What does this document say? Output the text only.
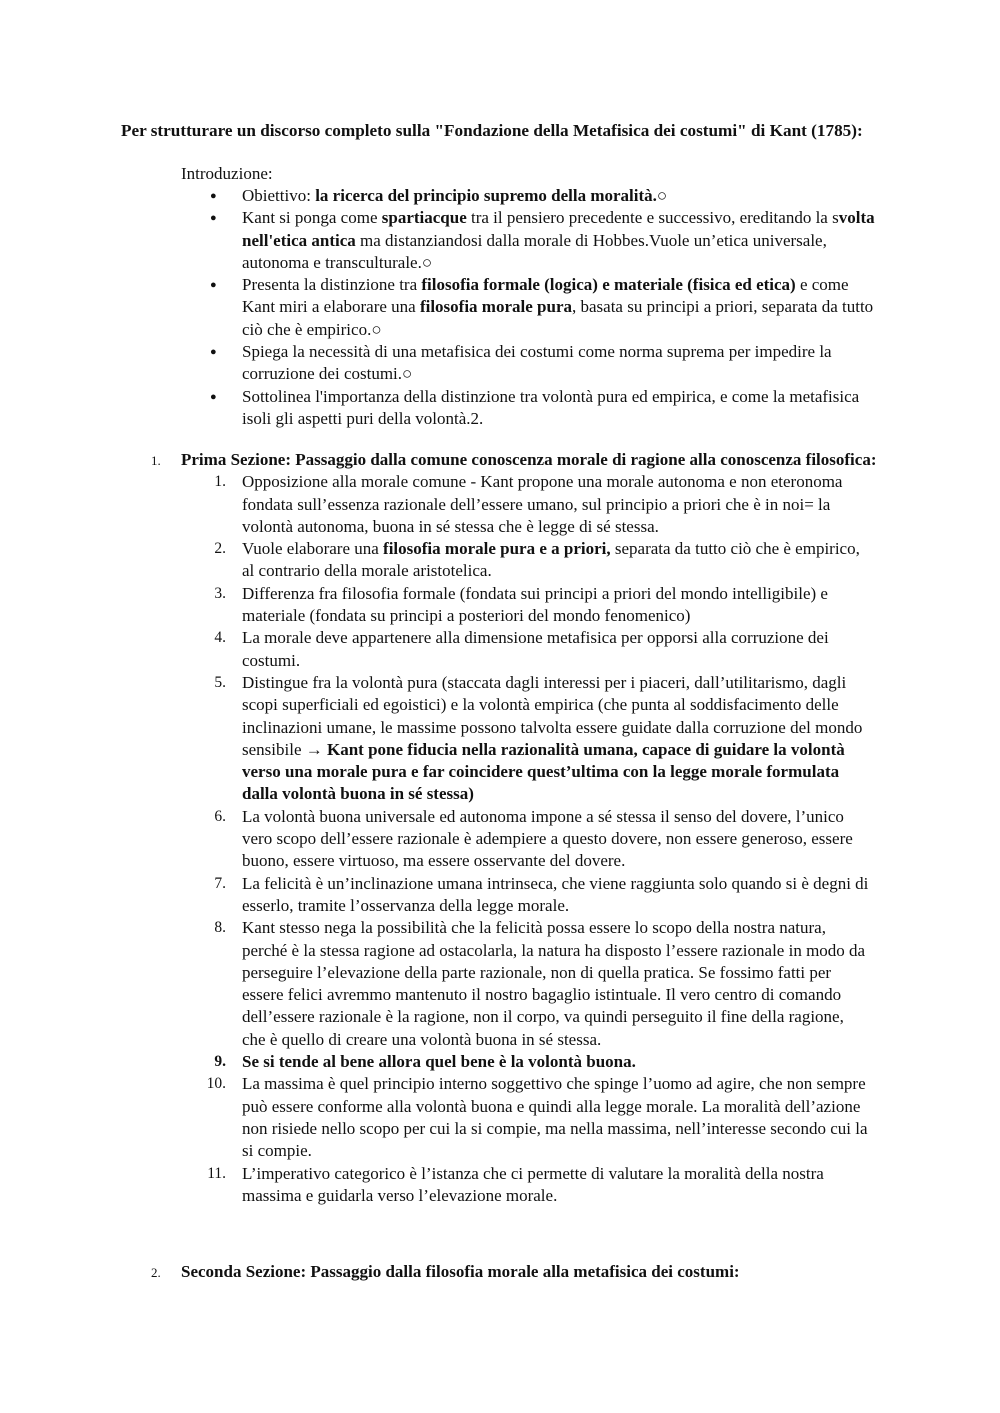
Per strutturare un discorso completo sulla "Fondazione della Metafisica dei costumi" di Kant (1785):
Introduzione:
● Obiettivo: la ricerca del principio supremo della moralità.○
● Kant si ponga come spartiacque tra il pensiero precedente e successivo, ereditando la svolta nell'etica antica ma distanziandosi dalla morale di Hobbes.Vuole un’etica universale, autonoma e transculturale.○
● Presenta la distinzione tra filosofia formale (logica) e materiale (fisica ed etica) e come Kant miri a elaborare una filosofia morale pura, basata su principi a priori, separata da tutto ciò che è empirico.○
● Spiega la necessità di una metafisica dei costumi come norma suprema per impedire la corruzione dei costumi.○
● Sottolinea l'importanza della distinzione tra volontà pura ed empirica, e come la metafisica isoli gli aspetti puri della volontà.2.
1. Prima Sezione: Passaggio dalla comune conoscenza morale di ragione alla conoscenza filosofica:
1. Opposizione alla morale comune - Kant propone una morale autonoma e non eteronoma fondata sull’essenza razionale dell’essere umano, sul principio a priori che è in noi= la volontà autonoma, buona in sé stessa che è legge di sé stessa.
2. Vuole elaborare una filosofia morale pura e a priori, separata da tutto ciò che è empirico, al contrario della morale aristotelica.
3. Differenza fra filosofia formale (fondata sui principi a priori del mondo intelligibile) e materiale (fondata su principi a posteriori del mondo fenomenico)
4. La morale deve appartenere alla dimensione metafisica per opporsi alla corruzione dei costumi.
5. Distingue fra la volontà pura (staccata dagli interessi per i piaceri, dall’utilitarismo, dagli scopi superficiali ed egoistici) e la volontà empirica (che punta al soddisfacimento delle inclinazioni umane, le massime possono talvolta essere guidate dalla corruzione del mondo sensibile → Kant pone fiducia nella razionalità umana, capace di guidare la volontà verso una morale pura e far coincidere quest’ultima con la legge morale formulata dalla volontà buona in sé stessa)
6. La volontà buona universale ed autonoma impone a sé stessa il senso del dovere, l’unico vero scopo dell’essere razionale è adempiere a questo dovere, non essere generoso, essere buono, essere virtuoso, ma essere osservante del dovere.
7. La felicità è un’inclinazione umana intrinseca, che viene raggiunta solo quando si è degni di esserlo, tramite l’osservanza della legge morale.
8. Kant stesso nega la possibilità che la felicità possa essere lo scopo della nostra natura, perché è la stessa ragione ad ostacolarla, la natura ha disposto l’essere razionale in modo da perseguire l’elevazione della parte razionale, non di quella pratica. Se fossimo fatti per essere felici avremmo mantenuto il nostro bagaglio istintuale. Il vero centro di comando dell’essere razionale è la ragione, non il corpo, va quindi perseguito il fine della ragione, che è quello di creare una volontà buona in sé stessa.
9. Se si tende al bene allora quel bene è la volontà buona.
10. La massima è quel principio interno soggettivo che spinge l’uomo ad agire, che non sempre può essere conforme alla volontà buona e quindi alla legge morale. La moralità dell’azione non risiede nello scopo per cui la si compie, ma nella massima, nell’interesse secondo cui la si compie.
11. L’imperativo categorico è l’istanza che ci permette di valutare la moralità della nostra massima e guidarla verso l’elevazione morale.
2. Seconda Sezione: Passaggio dalla filosofia morale alla metafisica dei costumi:
